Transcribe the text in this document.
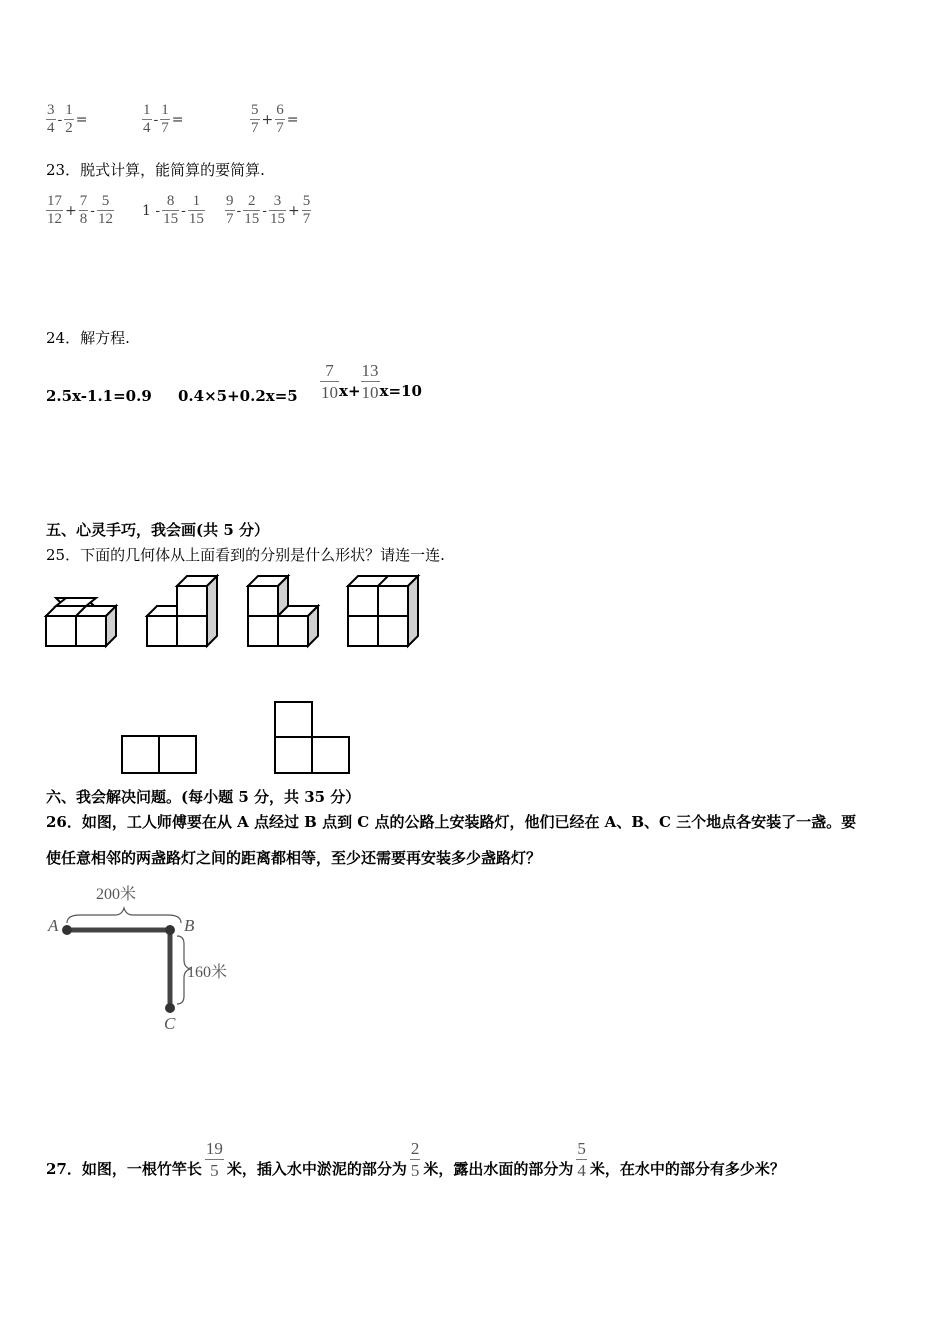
$\frac{3}{4} - \frac{1}{2}$ =	$\frac{1}{4} - \frac{1}{7}$ =	$\frac{5}{7} + \frac{6}{7}$ =
23．脱式计算，能简算的要简算.
$\frac{17}{12} + \frac{7}{8} - \frac{5}{12} 1 - \frac{8}{15} - \frac{1}{15} \frac{9}{7} - \frac{2}{15} - \frac{3}{15} + \frac{5}{7}$
24．解方程.
2.5x-1.1=0.9 $0.4\times 5+0.2x=5 \frac{7}{10} x+ \frac{13}{10} x=10$
五、心灵手巧，我会画(共 5 分）
25．下面的几何体从上面看到的分别是什么形状？请连一连.
六、我会解决问题。(每小题 5 分，共 35 分）
26．如图，工人师傅要在从 A 点经过 B 点到 C 点的公路上安装路灯，他们已经在 A、B、C 三个地点各安装了一盏。要
使任意相邻的两盏路灯之间的距离都相等，至少还需要再安装多少盏路灯？
200米
160米
A	B
C
27．如图，一根竹竿长 $\frac{19}{5}$ 米，插入水中淤泥的部分为 $\frac{2}{5}$ 米，露出水面的部分为 $\frac{5}{4}$ 米，在水中的部分有多少米？
